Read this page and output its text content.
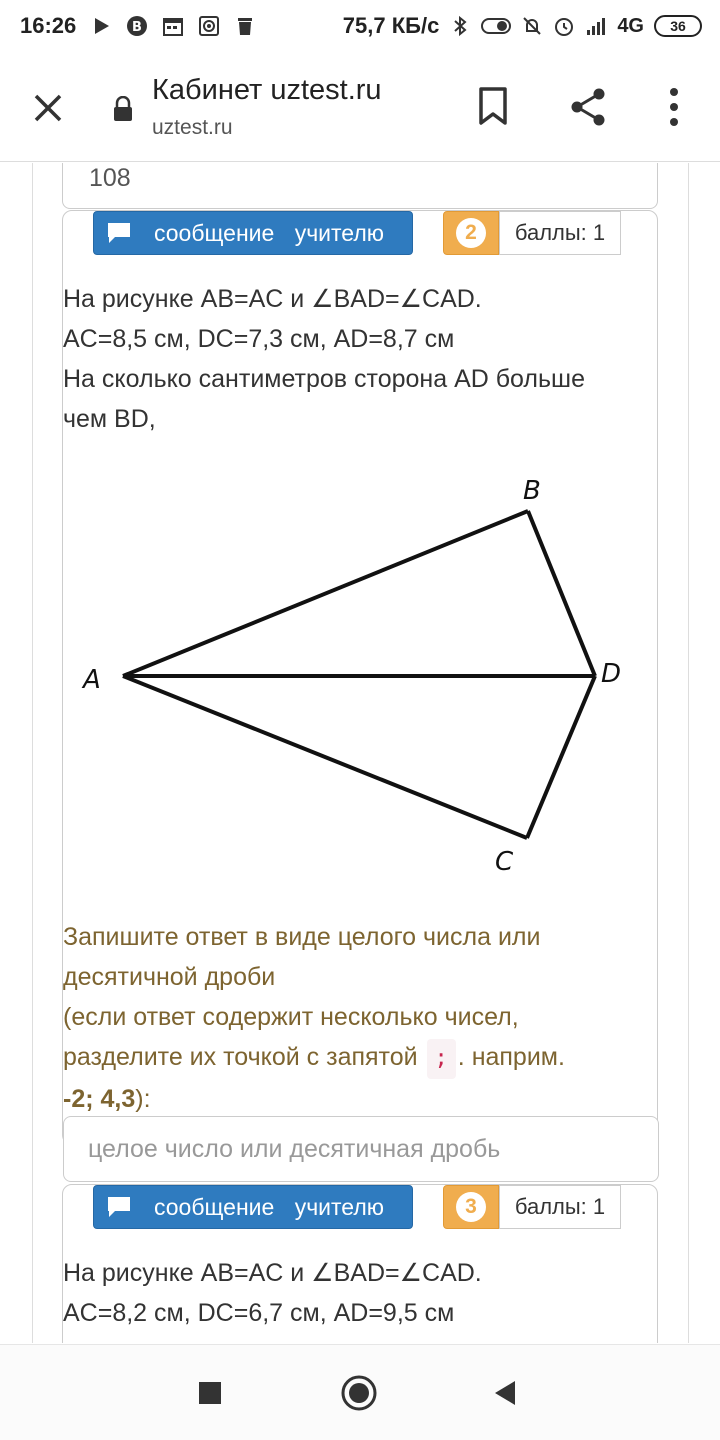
16:26	В	75,7 КБ/с	4G	36
Кабинет uztest.ru
uztest.ru
108
сообщение учителю	2	баллы: 1
На рисунке AB=AC и ∠BAD=∠CAD.
AC=8,5 см, DC=7,3 см, AD=8,7 см
На сколько сантиметров сторона AD больше
чем BD,
A
B
D
C
Запишите ответ в виде целого числа или
десятичной дроби
(если ответ содержит несколько чисел,
разделите их точкой с запятой ; . наприм.
-2; 4,3):
целое число или десятичная дробь
сообщение учителю	3	баллы: 1
На рисунке AB=AC и ∠BAD=∠CAD.
AC=8,2 см, DC=6,7 см, AD=9,5 см
